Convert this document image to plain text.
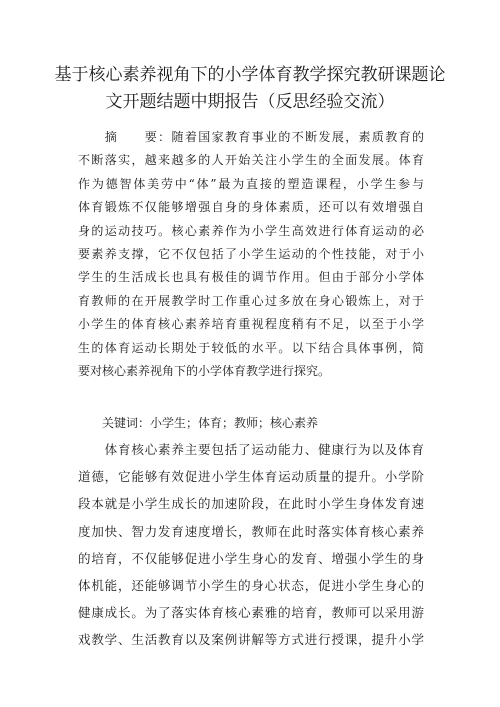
基于核心素养视角下的小学体育教学探究教研课题论
文开题结题中期报告（反思经验交流）
　　摘　　要：随着国家教育事业的不断发展，素质教育的
不断落实，越来越多的人开始关注小学生的全面发展。体育
作为德智体美劳中“体”最为直接的塑造课程，小学生参与
体育锻炼不仅能够增强自身的身体素质，还可以有效增强自
身的运动技巧。核心素养作为小学生高效进行体育运动的必
要素养支撑，它不仅包括了小学生运动的个性技能，对于小
学生的生活成长也具有极佳的调节作用。但由于部分小学体
育教师的在开展教学时工作重心过多放在身心锻炼上，对于
小学生的体育核心素养培育重视程度稍有不足，以至于小学
生的体育运动长期处于较低的水平。以下结合具体事例，简
要对核心素养视角下的小学体育教学进行探究。
　　关键词：小学生；体育；教师；核心素养
　　体育核心素养主要包括了运动能力、健康行为以及体育
道德，它能够有效促进小学生体育运动质量的提升。小学阶
段本就是小学生成长的加速阶段，在此时小学生身体发育速
度加快、智力发育速度增长，教师在此时落实体育核心素养
的培育，不仅能够促进小学生身心的发育、增强小学生的身
体机能，还能够调节小学生的身心状态，促进小学生身心的
健康成长。为了落实体育核心素雅的培育，教师可以采用游
戏教学、生活教育以及案例讲解等方式进行授课，提升小学
